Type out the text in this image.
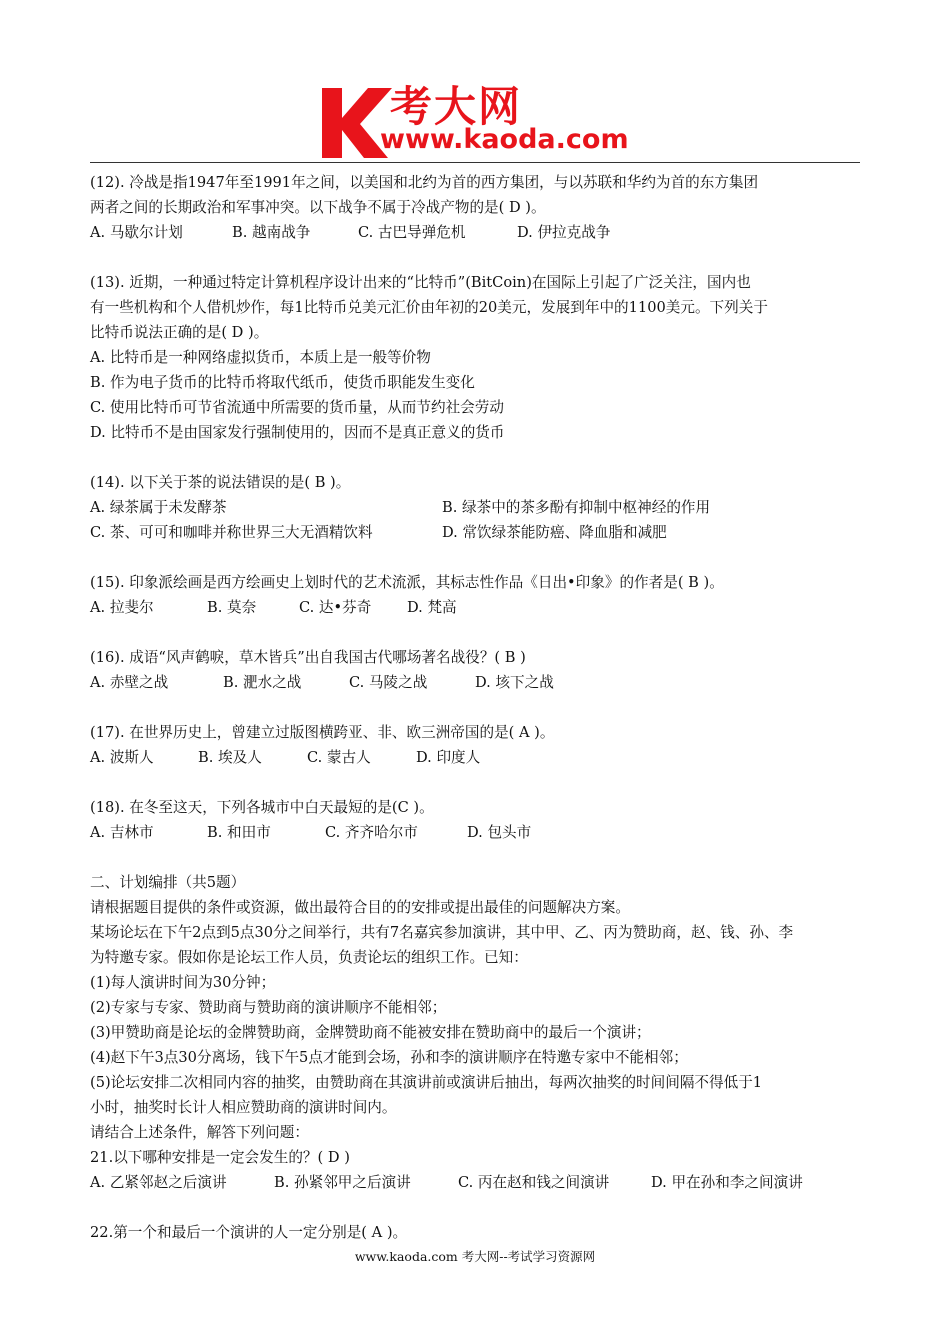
考大网
www.kaoda.com
(12). 冷战是指1947年至1991年之间，以美国和北约为首的西方集团，与以苏联和华约为首的东方集团
两者之间的长期政治和军事冲突。以下战争不属于冷战产物的是( D )。
A. 马歇尔计划	B. 越南战争	C. 古巴导弹危机	D. 伊拉克战争
(13). 近期，一种通过特定计算机程序设计出来的“比特币”(BitCoin)在国际上引起了广泛关注，国内也
有一些机构和个人借机炒作，每1比特币兑美元汇价由年初的20美元，发展到年中的1100美元。下列关于
比特币说法正确的是( D )。
A. 比特币是一种网络虚拟货币，本质上是一般等价物
B. 作为电子货币的比特币将取代纸币，使货币职能发生变化
C. 使用比特币可节省流通中所需要的货币量，从而节约社会劳动
D. 比特币不是由国家发行强制使用的，因而不是真正意义的货币
(14). 以下关于茶的说法错误的是( B )。
A. 绿茶属于未发酵茶	B. 绿茶中的茶多酚有抑制中枢神经的作用
C. 茶、可可和咖啡并称世界三大无酒精饮料	D. 常饮绿茶能防癌、降血脂和减肥
(15). 印象派绘画是西方绘画史上划时代的艺术流派，其标志性作品《日出•印象》的作者是( B )。
A. 拉斐尔	B. 莫奈	C. 达•芬奇 D. 梵高
(16). 成语“风声鹤唳，草木皆兵”出自我国古代哪场著名战役？( B )
A. 赤壁之战	B. 淝水之战	C. 马陵之战	D. 垓下之战
(17). 在世界历史上，曾建立过版图横跨亚、非、欧三洲帝国的是( A )。
A. 波斯人	B. 埃及人	C. 蒙古人	D. 印度人
(18). 在冬至这天，下列各城市中白天最短的是(C )。
A. 吉林市	B. 和田市	C. 齐齐哈尔市	D. 包头市
二、计划编排（共5题）
请根据题目提供的条件或资源，做出最符合目的的安排或提出最佳的问题解决方案。
某场论坛在下午2点到5点30分之间举行，共有7名嘉宾参加演讲，其中甲、乙、丙为赞助商，赵、钱、孙、李
为特邀专家。假如你是论坛工作人员，负责论坛的组织工作。已知：
(1)每人演讲时间为30分钟；
(2)专家与专家、赞助商与赞助商的演讲顺序不能相邻；
(3)甲赞助商是论坛的金牌赞助商，金牌赞助商不能被安排在赞助商中的最后一个演讲；
(4)赵下午3点30分离场，钱下午5点才能到会场，孙和李的演讲顺序在特邀专家中不能相邻；
(5)论坛安排二次相同内容的抽奖，由赞助商在其演讲前或演讲后抽出，每两次抽奖的时间间隔不得低于1
小时，抽奖时长计人相应赞助商的演讲时间内。
请结合上述条件，解答下列问题：
21.以下哪种安排是一定会发生的？( D )
A. 乙紧邻赵之后演讲	B. 孙紧邻甲之后演讲	C. 丙在赵和钱之间演讲	D. 甲在孙和李之间演讲
22.第一个和最后一个演讲的人一定分别是( A )。
www.kaoda.com 考大网--考试学习资源网
